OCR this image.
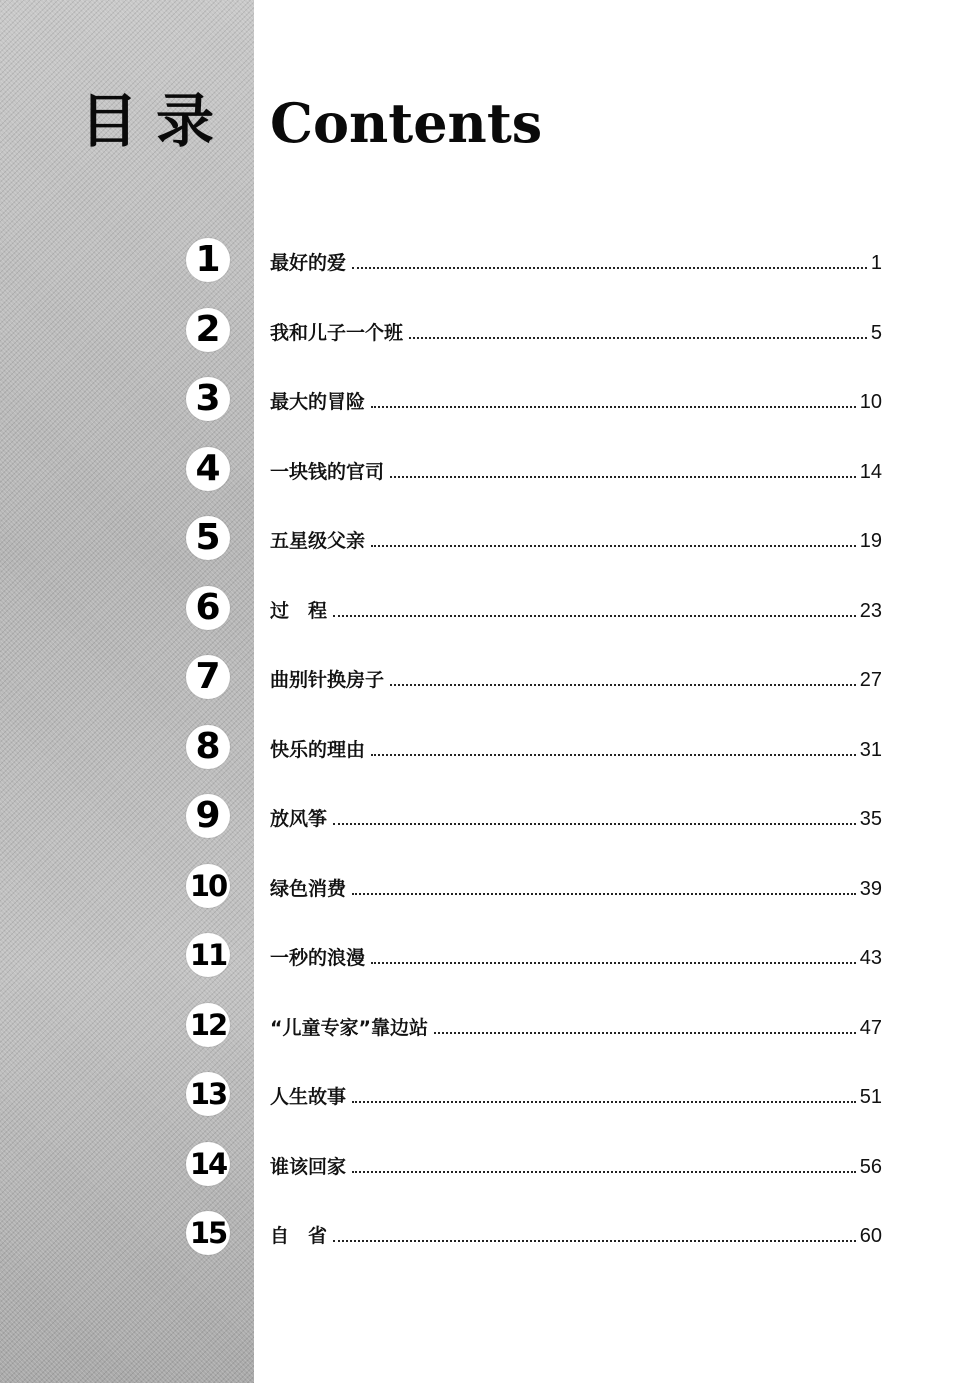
目录 Contents
1	最好的爱	1
2	我和儿子一个班	5
3	最大的冒险	10
4	一块钱的官司	14
5	五星级父亲	19
6	过　程	23
7	曲别针换房子	27
8	快乐的理由	31
9	放风筝	35
10 绿色消费	39
11 一秒的浪漫	43
12 “儿童专家”靠边站	47
13 人生故事	51
14 谁该回家	56
15 自　省	60
